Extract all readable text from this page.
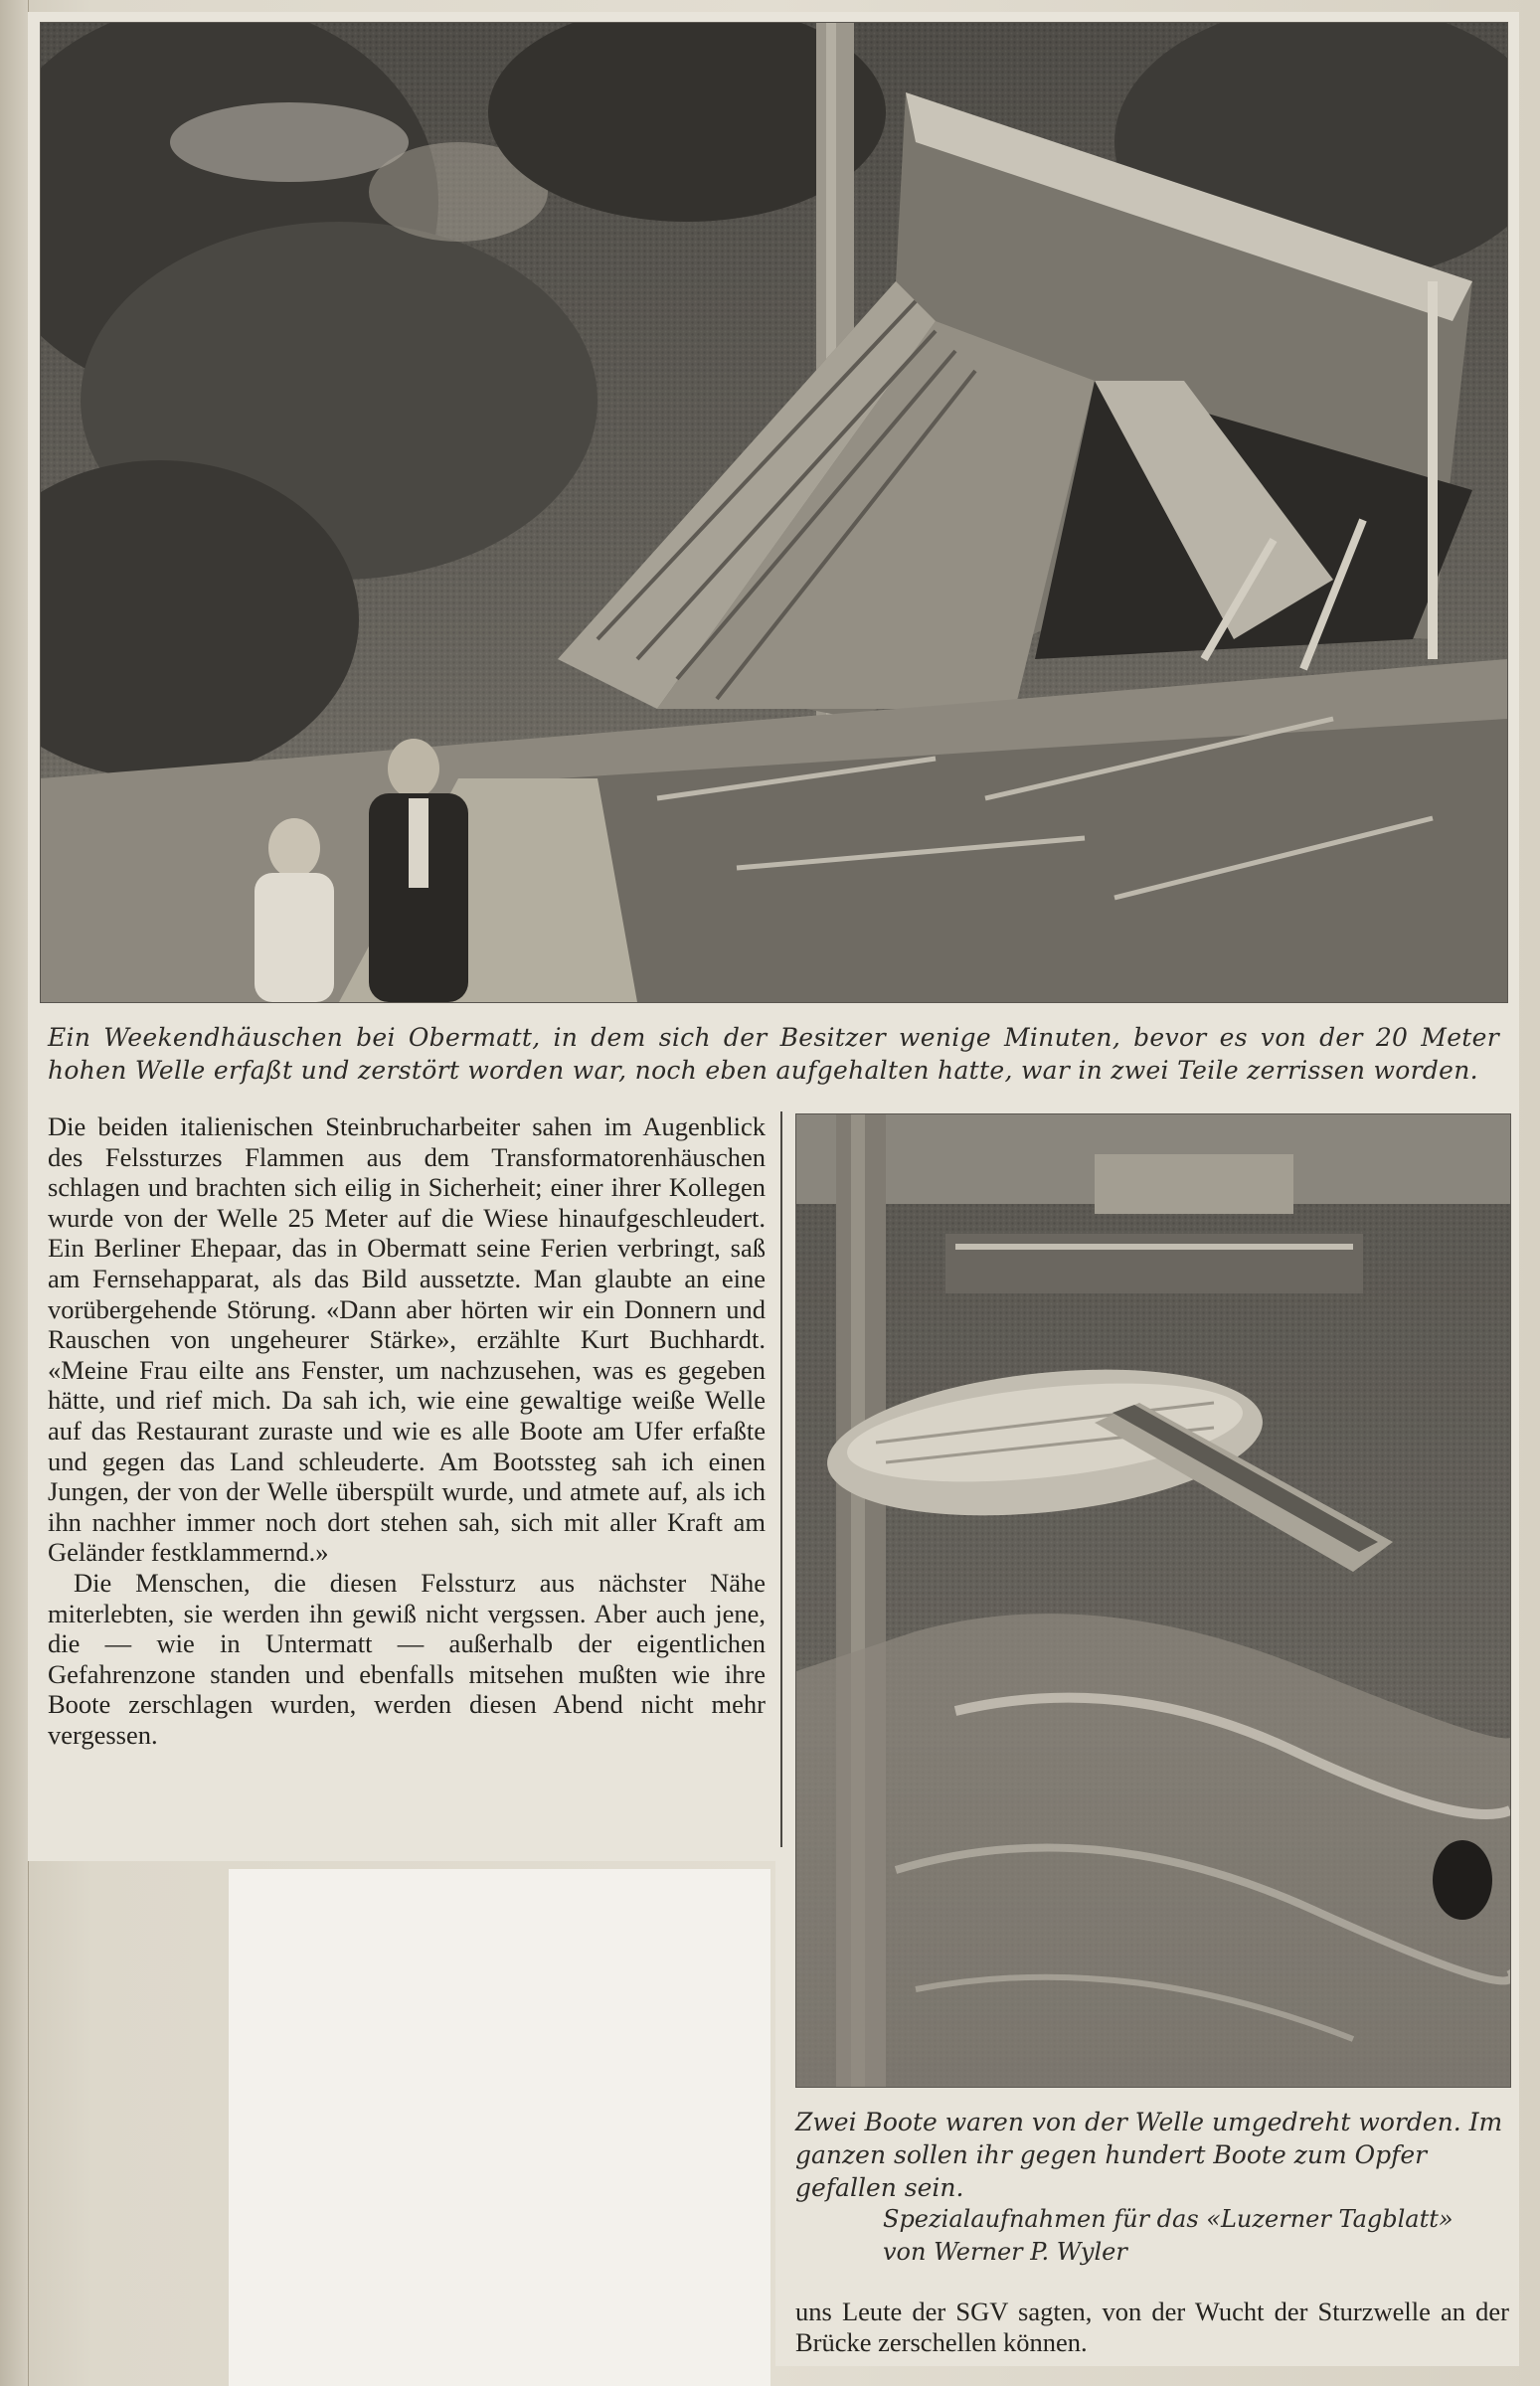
Ein Weekendhäuschen bei Obermatt, in dem sich der Besitzer wenige Minuten, bevor es von der 20 Meter hohen Welle erfaßt und zerstört worden war, noch eben aufgehalten hatte, war in zwei Teile zerrissen worden.

Die beiden italienischen Steinbrucharbeiter sahen im Augenblick des Felssturzes Flammen aus dem Transformatorenhäuschen schlagen und brachten sich eilig in Sicherheit; einer ihrer Kollegen wurde von der Welle 25 Meter auf die Wiese hinaufgeschleudert. Ein Berliner Ehepaar, das in Obermatt seine Ferien verbringt, saß am Fernsehapparat, als das Bild aussetzte. Man glaubte an eine vorübergehende Störung. «Dann aber hörten wir ein Donnern und Rauschen von ungeheurer Stärke», erzählte Kurt Buchhardt. «Meine Frau eilte ans Fenster, um nachzusehen, was es gegeben hätte, und rief mich. Da sah ich, wie eine gewaltige weiße Welle auf das Restaurant zuraste und wie es alle Boote am Ufer erfaßte und gegen das Land schleuderte. Am Bootssteg sah ich einen Jungen, der von der Welle überspült wurde, und atmete auf, als ich ihn nachher immer noch dort stehen sah, sich mit aller Kraft am Geländer festklammernd.»

Die Menschen, die diesen Felssturz aus nächster Nähe miterlebten, sie werden ihn gewiß nicht vergssen. Aber auch jene, die — wie in Untermatt — außerhalb der eigentlichen Gefahrenzone standen und ebenfalls mitsehen mußten wie ihre Boote zerschlagen wurden, werden diesen Abend nicht mehr vergessen.

Zwei Boote waren von der Welle umgedreht worden. Im ganzen sollen ihr gegen hundert Boote zum Opfer gefallen sein.

Spezialaufnahmen für das «Luzerner Tagblatt»
von Werner P. Wyler

uns Leute der SGV sagten, von der Wucht der Sturzwelle an der Brücke zerschellen können.
